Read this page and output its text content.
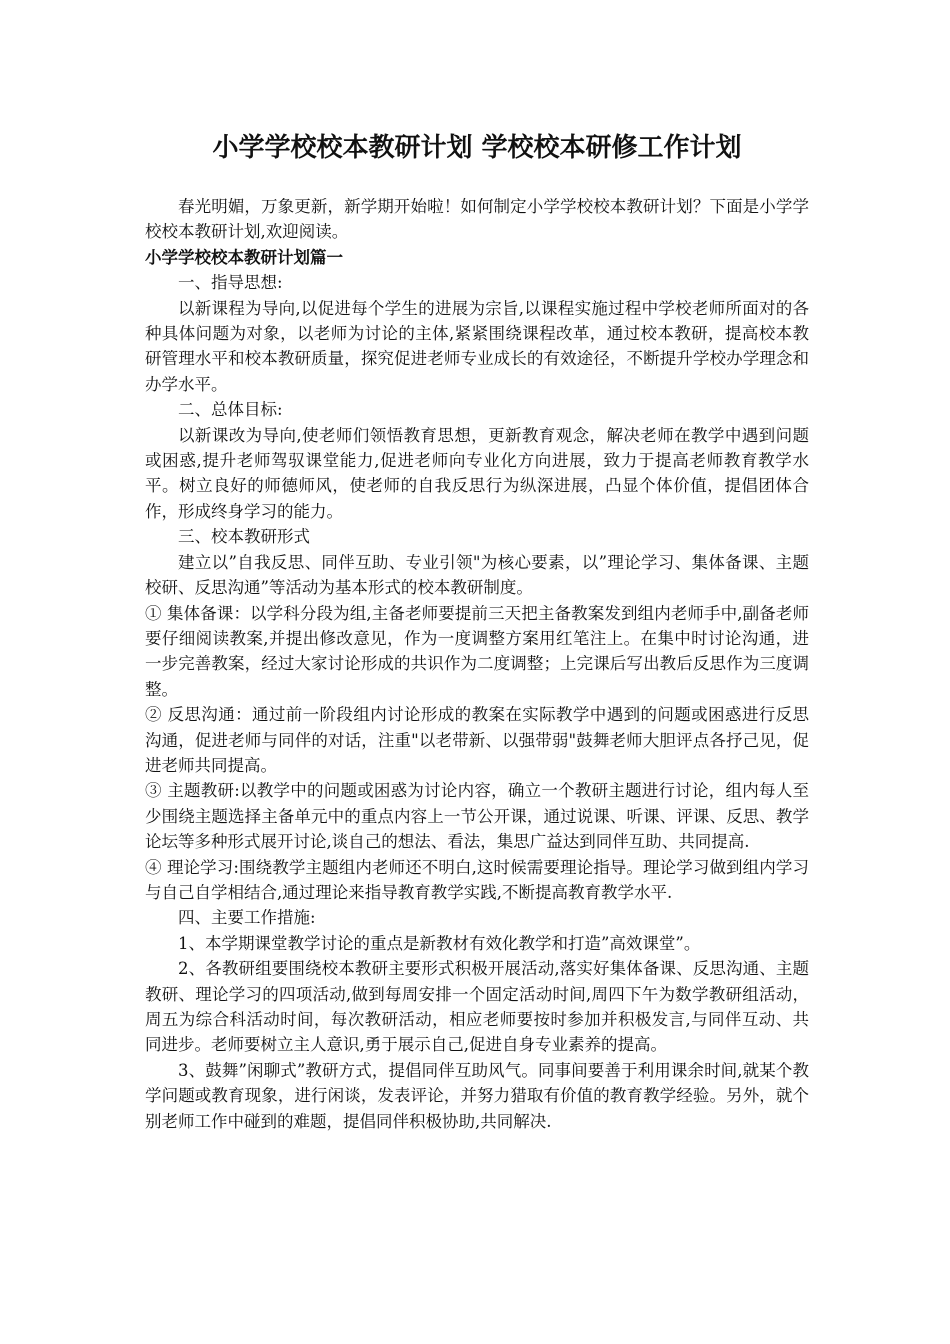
小学学校校本教研计划 学校校本研修工作计划

春光明媚，万象更新，新学期开始啦！如何制定小学学校校本教研计划？下面是小学学校校本教研计划,欢迎阅读。

小学学校校本教研计划篇一

一、指导思想:

以新课程为导向,以促进每个学生的进展为宗旨,以课程实施过程中学校老师所面对的各种具体问题为对象，以老师为讨论的主体,紧紧围绕课程改革，通过校本教研，提高校本教研管理水平和校本教研质量，探究促进老师专业成长的有效途径，不断提升学校办学理念和办学水平。

二、总体目标:

以新课改为导向,使老师们领悟教育思想，更新教育观念，解决老师在教学中遇到问题或困惑,提升老师驾驭课堂能力,促进老师向专业化方向进展，致力于提高老师教育教学水平。树立良好的师德师风，使老师的自我反思行为纵深进展，凸显个体价值，提倡团体合作，形成终身学习的能力。

三、校本教研形式

建立以”自我反思、同伴互助、专业引领"为核心要素，以”理论学习、集体备课、主题校研、反思沟通”等活动为基本形式的校本教研制度。

① 集体备课：以学科分段为组,主备老师要提前三天把主备教案发到组内老师手中,副备老师要仔细阅读教案,并提出修改意见，作为一度调整方案用红笔注上。在集中时讨论沟通，进一步完善教案，经过大家讨论形成的共识作为二度调整；上完课后写出教后反思作为三度调整。

② 反思沟通：通过前一阶段组内讨论形成的教案在实际教学中遇到的问题或困惑进行反思沟通，促进老师与同伴的对话，注重"以老带新、以强带弱"鼓舞老师大胆评点各抒己见，促进老师共同提高。

③ 主题教研:以教学中的问题或困惑为讨论内容，确立一个教研主题进行讨论，组内每人至少围绕主题选择主备单元中的重点内容上一节公开课，通过说课、听课、评课、反思、教学论坛等多种形式展开讨论,谈自己的想法、看法，集思广益达到同伴互助、共同提高.

④ 理论学习:围绕教学主题组内老师还不明白,这时候需要理论指导。理论学习做到组内学习与自己自学相结合,通过理论来指导教育教学实践,不断提高教育教学水平.

四、主要工作措施:

1、本学期课堂教学讨论的重点是新教材有效化教学和打造”高效课堂”。

2、各教研组要围绕校本教研主要形式积极开展活动,落实好集体备课、反思沟通、主题教研、理论学习的四项活动,做到每周安排一个固定活动时间,周四下午为数学教研组活动，周五为综合科活动时间，每次教研活动，相应老师要按时参加并积极发言,与同伴互动、共同进步。老师要树立主人意识,勇于展示自己,促进自身专业素养的提高。

3、鼓舞”闲聊式”教研方式，提倡同伴互助风气。同事间要善于利用课余时间,就某个教学问题或教育现象，进行闲谈，发表评论，并努力猎取有价值的教育教学经验。另外，就个别老师工作中碰到的难题，提倡同伴积极协助,共同解决.
